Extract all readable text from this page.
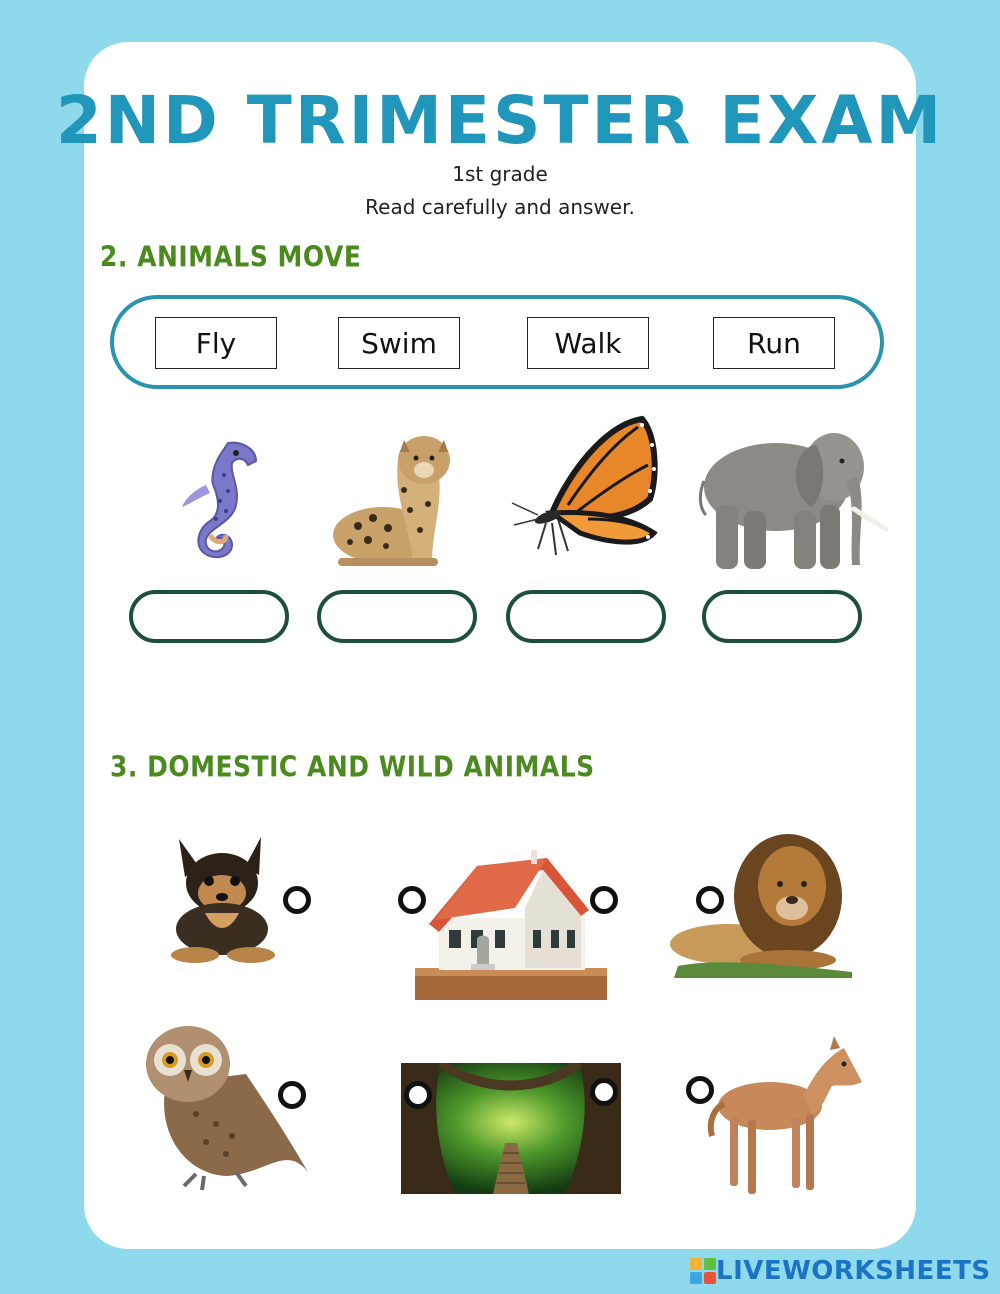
2ND TRIMESTER EXAM
1st grade
Read carefully and answer.
2. ANIMALS MOVE
Fly	Swim	Walk	Run
3. DOMESTIC AND WILD ANIMALS
LIVEWORKSHEETS
